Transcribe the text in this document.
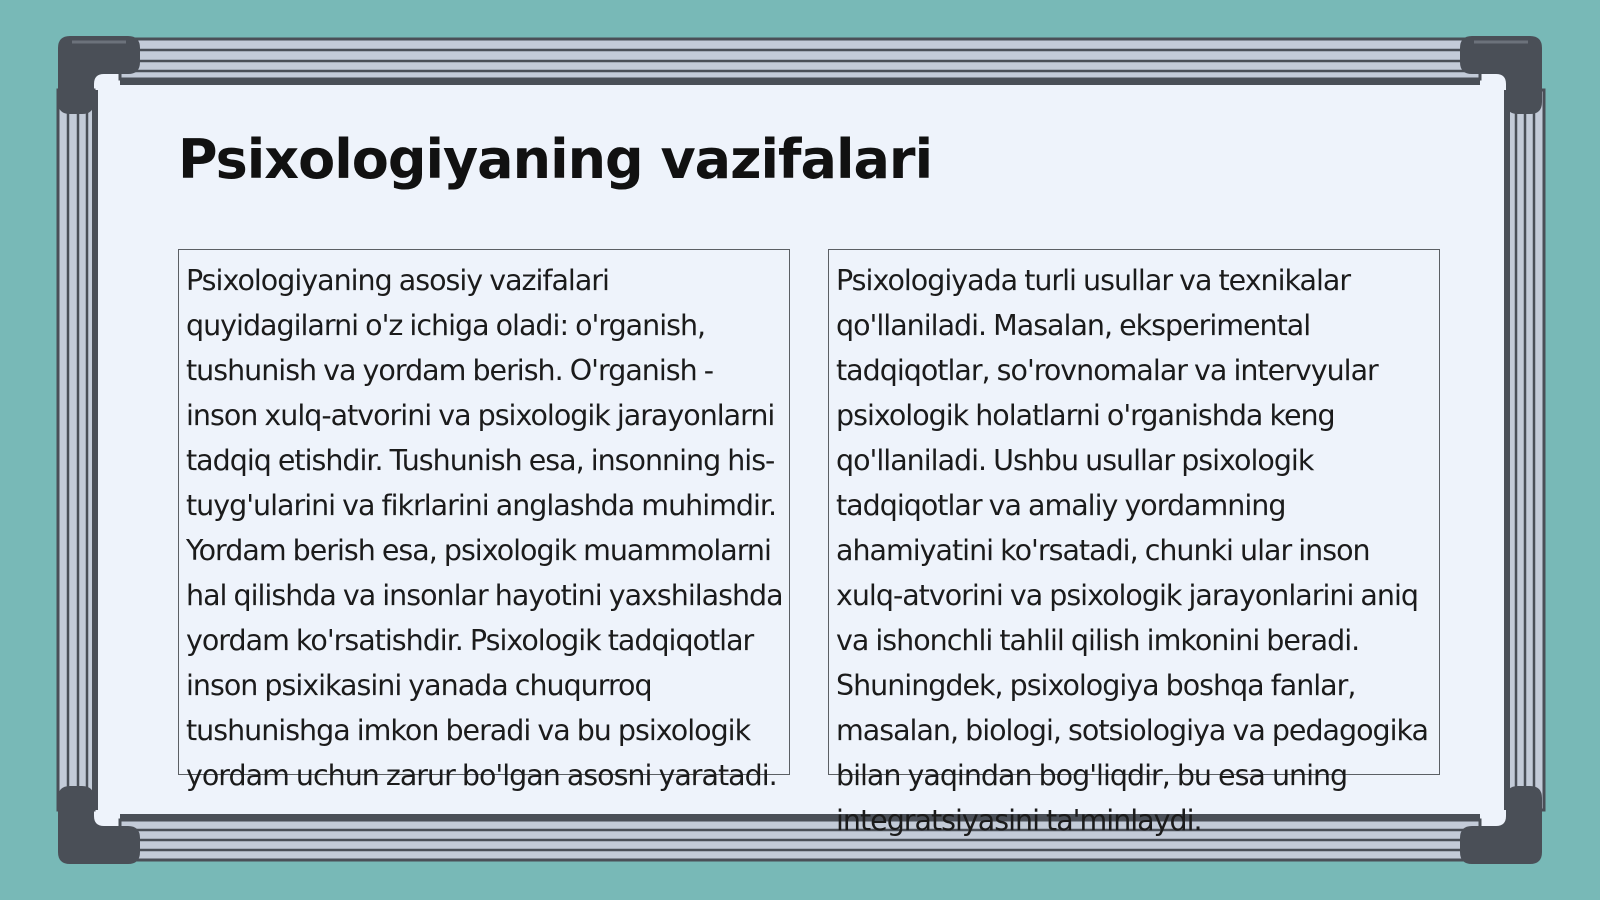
Psixologiyaning vazifalari

Psixologiyaning asosiy vazifalari quyidagilarni o'z ichiga oladi: o'rganish, tushunish va yordam berish. O'rganish - inson xulq-atvorini va psixologik jarayonlarni tadqiq etishdir. Tushunish esa, insonning his-tuyg'ularini va fikrlarini anglashda muhimdir. Yordam berish esa, psixologik muammolarni hal qilishda va insonlar hayotini yaxshilashda yordam ko'rsatishdir. Psixologik tadqiqotlar inson psixikasini yanada chuqurroq tushunishga imkon beradi va bu psixologik yordam uchun zarur bo'lgan asosni yaratadi.

Psixologiyada turli usullar va texnikalar qo'llaniladi. Masalan, eksperimental tadqiqotlar, so'rovnomalar va intervyular psixologik holatlarni o'rganishda keng qo'llaniladi. Ushbu usullar psixologik tadqiqotlar va amaliy yordamning ahamiyatini ko'rsatadi, chunki ular inson xulq-atvorini va psixologik jarayonlarini aniq va ishonchli tahlil qilish imkonini beradi. Shuningdek, psixologiya boshqa fanlar, masalan, biologi, sotsiologiya va pedagogika bilan yaqindan bog'liqdir, bu esa uning integratsiyasini ta'minlaydi.
